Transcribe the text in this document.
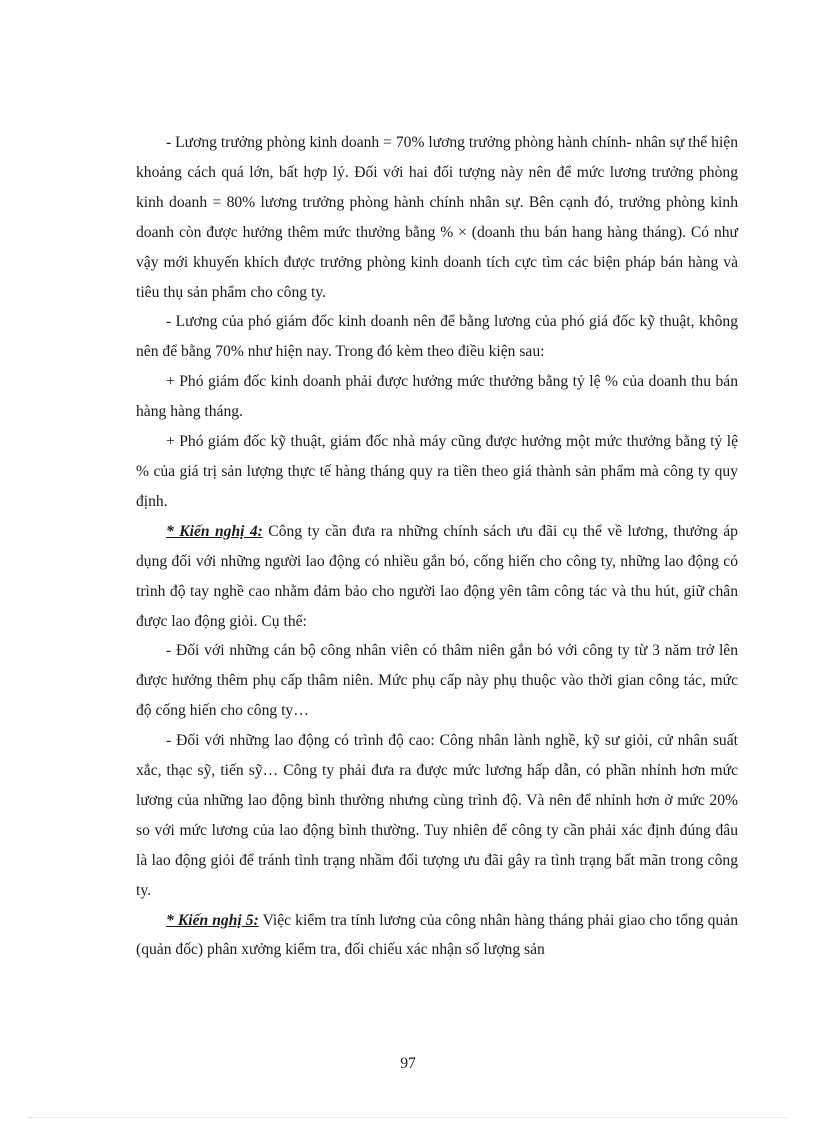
- Lương trưởng phòng kinh doanh = 70% lương trưởng phòng hành chính- nhân sự thể hiện khoảng cách quá lớn, bất hợp lý. Đối với hai đối tượng này nên để mức lương trưởng phòng kinh doanh = 80% lương trưởng phòng hành chính nhân sự. Bên cạnh đó, trưởng phòng kinh doanh còn được hưởng thêm mức thưởng bằng % × (doanh thu bán hang hàng tháng). Có như vậy mới khuyến khích được trưởng phòng kinh doanh tích cực tìm các biện pháp bán hàng và tiêu thụ sản phẩm cho công ty.

- Lương của phó giám đốc kinh doanh nên để bằng lương của phó giá đốc kỹ thuật, không nên để bằng 70% như hiện nay. Trong đó kèm theo điều kiện sau:

+ Phó giám đốc kinh doanh phải được hưởng mức thưởng bằng tỷ lệ % của doanh thu bán hàng hàng tháng.

+ Phó giám đốc kỹ thuật, giám đốc nhà máy cũng được hưởng một mức thưởng bằng tỷ lệ % của giá trị sản lượng thực tế hàng tháng quy ra tiền theo giá thành sản phẩm mà công ty quy định.

* Kiến nghị 4: Công ty cần đưa ra những chính sách ưu đãi cụ thể về lương, thưởng áp dụng đối với những người lao động có nhiều gắn bó, cống hiến cho công ty, những lao động có trình độ tay nghề cao nhằm đảm bảo cho người lao động yên tâm công tác và thu hút, giữ chân được lao động giỏi. Cụ thể:

- Đối với những cán bộ công nhân viên có thâm niên gắn bó với công ty từ 3 năm trở lên được hưởng thêm phụ cấp thâm niên. Mức phụ cấp này phụ thuộc vào thời gian công tác, mức độ cống hiến cho công ty…

- Đối với những lao động có trình độ cao: Công nhân lành nghề, kỹ sư giỏi, cử nhân suất xắc, thạc sỹ, tiến sỹ… Công ty phải đưa ra được mức lương hấp dẫn, có phần nhỉnh hơn mức lương của những lao động bình thường nhưng cùng trình độ. Và nên để nhỉnh hơn ở mức 20% so với mức lương của lao động bình thường. Tuy nhiên để công ty cần phải xác định đúng đâu là lao động giỏi để tránh tình trạng nhầm đối tượng ưu đãi gây ra tình trạng bất mãn trong công ty.

* Kiến nghị 5: Việc kiểm tra tính lương của công nhân hàng tháng phải giao cho tổng quản (quản đốc) phân xưởng kiểm tra, đối chiếu xác nhận số lượng sản

97
